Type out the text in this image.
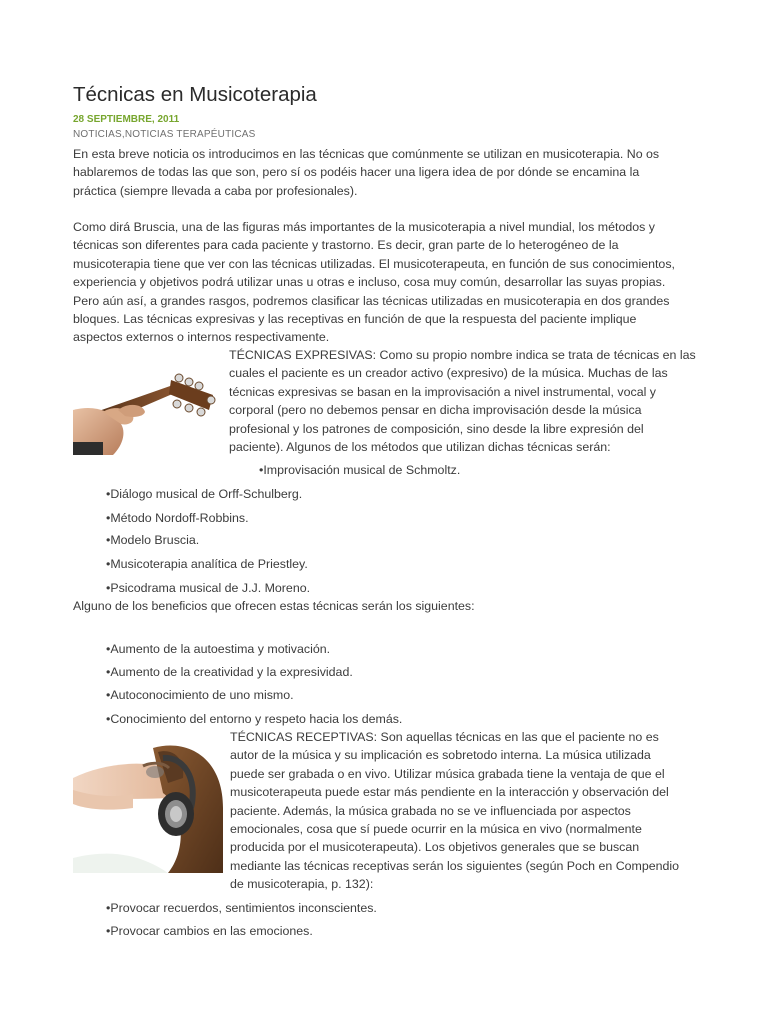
Técnicas en Musicoterapia
28 SEPTIEMBRE, 2011
NOTICIAS,NOTICIAS TERAPÉUTICAS

En esta breve noticia os introducimos en las técnicas que comúnmente se utilizan en musicoterapia. No os hablaremos de todas las que son, pero sí os podéis hacer una ligera idea de por dónde se encamina la práctica (siempre llevada a caba por profesionales).

Como dirá Bruscia, una de las figuras más importantes de la musicoterapia a nivel mundial, los métodos y técnicas son diferentes para cada paciente y trastorno. Es decir, gran parte de lo heterogéneo de la musicoterapia tiene que ver con las técnicas utilizadas. El musicoterapeuta, en función de sus conocimientos, experiencia y objetivos podrá utilizar unas u otras e incluso, cosa muy común, desarrollar las suyas propias. Pero aún así, a grandes rasgos, podremos clasificar las técnicas utilizadas en musicoterapia en dos grandes bloques. Las técnicas expresivas y las receptivas en función de que la respuesta del paciente implique aspectos externos o internos respectivamente.

TÉCNICAS EXPRESIVAS: Como su propio nombre indica se trata de técnicas en las cuales el paciente es un creador activo (expresivo) de la música. Muchas de las técnicas expresivas se basan en la improvisación a nivel instrumental, vocal y corporal (pero no debemos pensar en dicha improvisación desde la música profesional y los patrones de composición, sino desde la libre expresión del paciente). Algunos de los métodos que utilizan dichas técnicas serán:

•Improvisación musical de Schmoltz.
•Diálogo musical de Orff-Schulberg.
•Método Nordoff-Robbins.
•Modelo Bruscia.
•Musicoterapia analítica de Priestley.
•Psicodrama musical de J.J. Moreno.
Alguno de los beneficios que ofrecen estas técnicas serán los siguientes:
•Aumento de la autoestima y motivación.
•Aumento de la creatividad y la expresividad.
•Autoconocimiento de uno mismo.
•Conocimiento del entorno y respeto hacia los demás.

TÉCNICAS RECEPTIVAS: Son aquellas técnicas en las que el paciente no es autor de la música y su implicación es sobretodo interna. La música utilizada puede ser grabada o en vivo. Utilizar música grabada tiene la ventaja de que el musicoterapeuta puede estar más pendiente en la interacción y observación del paciente. Además, la música grabada no se ve influenciada por aspectos emocionales, cosa que sí puede ocurrir en la música en vivo (normalmente producida por el musicoterapeuta). Los objetivos generales que se buscan mediante las técnicas receptivas serán los siguientes (según Poch en Compendio de musicoterapia, p. 132):

•Provocar recuerdos, sentimientos inconscientes.
•Provocar cambios en las emociones.
